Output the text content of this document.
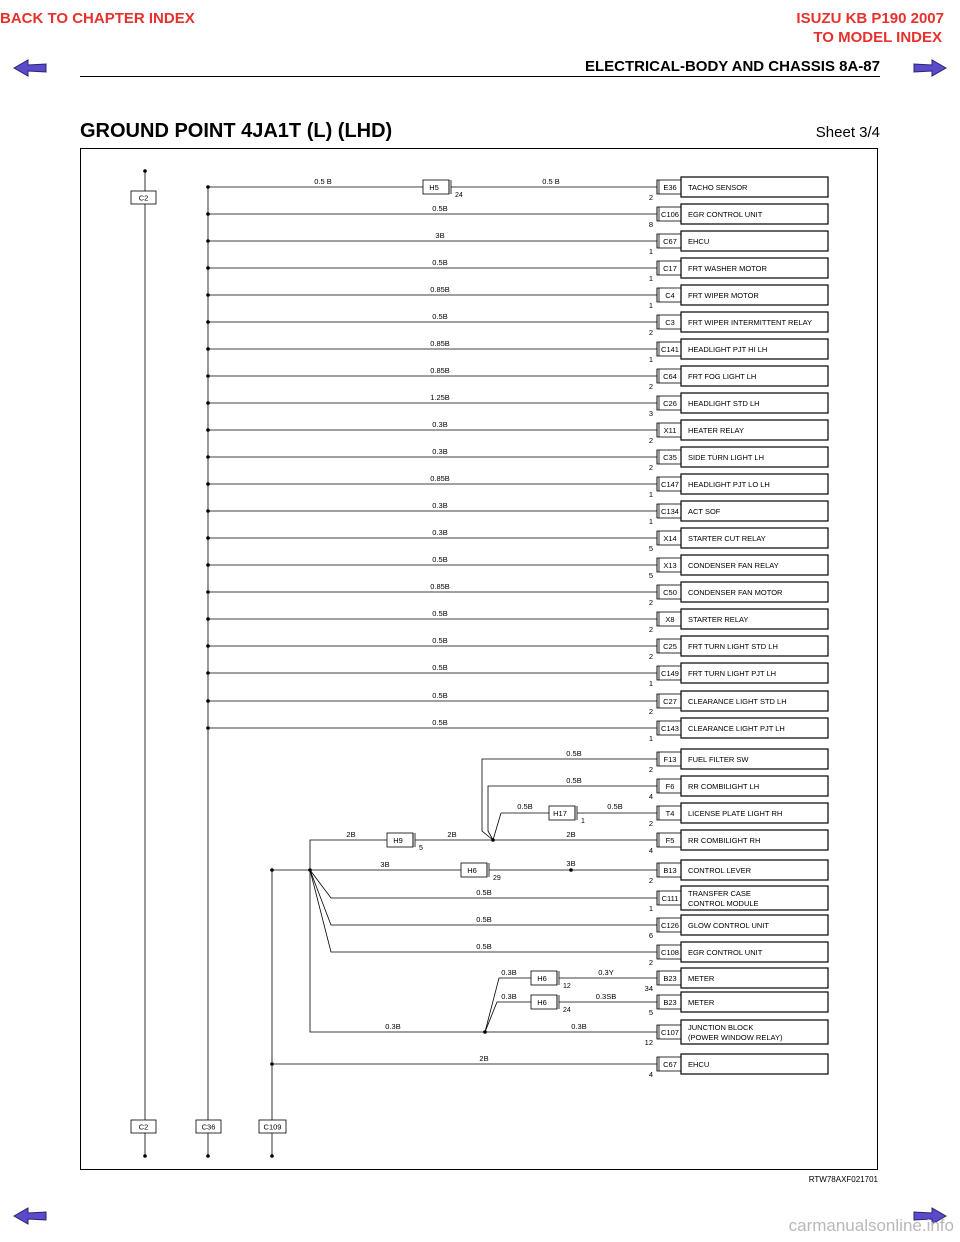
BACK TO CHAPTER INDEX	ISUZU KB P190 2007
TO MODEL INDEX
ELECTRICAL-BODY AND CHASSIS 8A-87
GROUND POINT 4JA1T (L) (LHD)	Sheet 3/4
C2
C2	C36	C109
E36 TACHO SENSOR
2
C106 EGR CONTROL UNIT
8
C67 EHCU
1
C17 FRT WASHER MOTOR
1
C4 FRT WIPER MOTOR
1
C3 FRT WIPER INTERMITTENT RELAY
2
C141 HEADLIGHT PJT HI LH
1
C64 FRT FOG LIGHT LH
2
C26 HEADLIGHT STD LH
3
X11 HEATER RELAY
2
C35 SIDE TURN LIGHT LH
2
C147 HEADLIGHT PJT LO LH
1
C134 ACT SOF
1
X14 STARTER CUT RELAY
5
X13 CONDENSER FAN RELAY
5
C50 CONDENSER FAN MOTOR
2
X8 STARTER RELAY
2
C25 FRT TURN LIGHT STD LH
2
C149 FRT TURN LIGHT PJT LH
1
C27 CLEARANCE LIGHT STD LH
2
C143 CLEARANCE LIGHT PJT LH
1
F13 FUEL FILTER SW
2
F6 RR COMBILIGHT LH
4
T4 LICENSE PLATE LIGHT RH
2
F5 RR COMBILIGHT RH
4
B13 CONTROL LEVER
2
C111
TRANSFER CASE
CONTROL MODULE
1
C126 GLOW CONTROL UNIT
6
C108 EGR CONTROL UNIT
2
B23 METER
34
B23 METER
5
C107
JUNCTION BLOCK
(POWER WINDOW RELAY)
12
C67 EHCU
4
H5
24
0.5 B	0.5 B
0.5B
3B
0.5B
0.85B
0.5B
0.85B
0.85B
1.25B
0.3B
0.3B
0.85B
0.3B
0.3B
0.5B
0.85B
0.5B
0.5B
0.5B
0.5B
0.5B
0.5B
0.5B
H17
1
0.5B	0.5B
H9
5
2B	2B	2B
H6
29
3B	3B
0.5B
0.5B
0.5B
0.3B	0.3B
H6
12
0.3B	0.3Y
H6
24
0.3B	0.3SB
2B
RTW78AXF021701
carmanualsonline.info
